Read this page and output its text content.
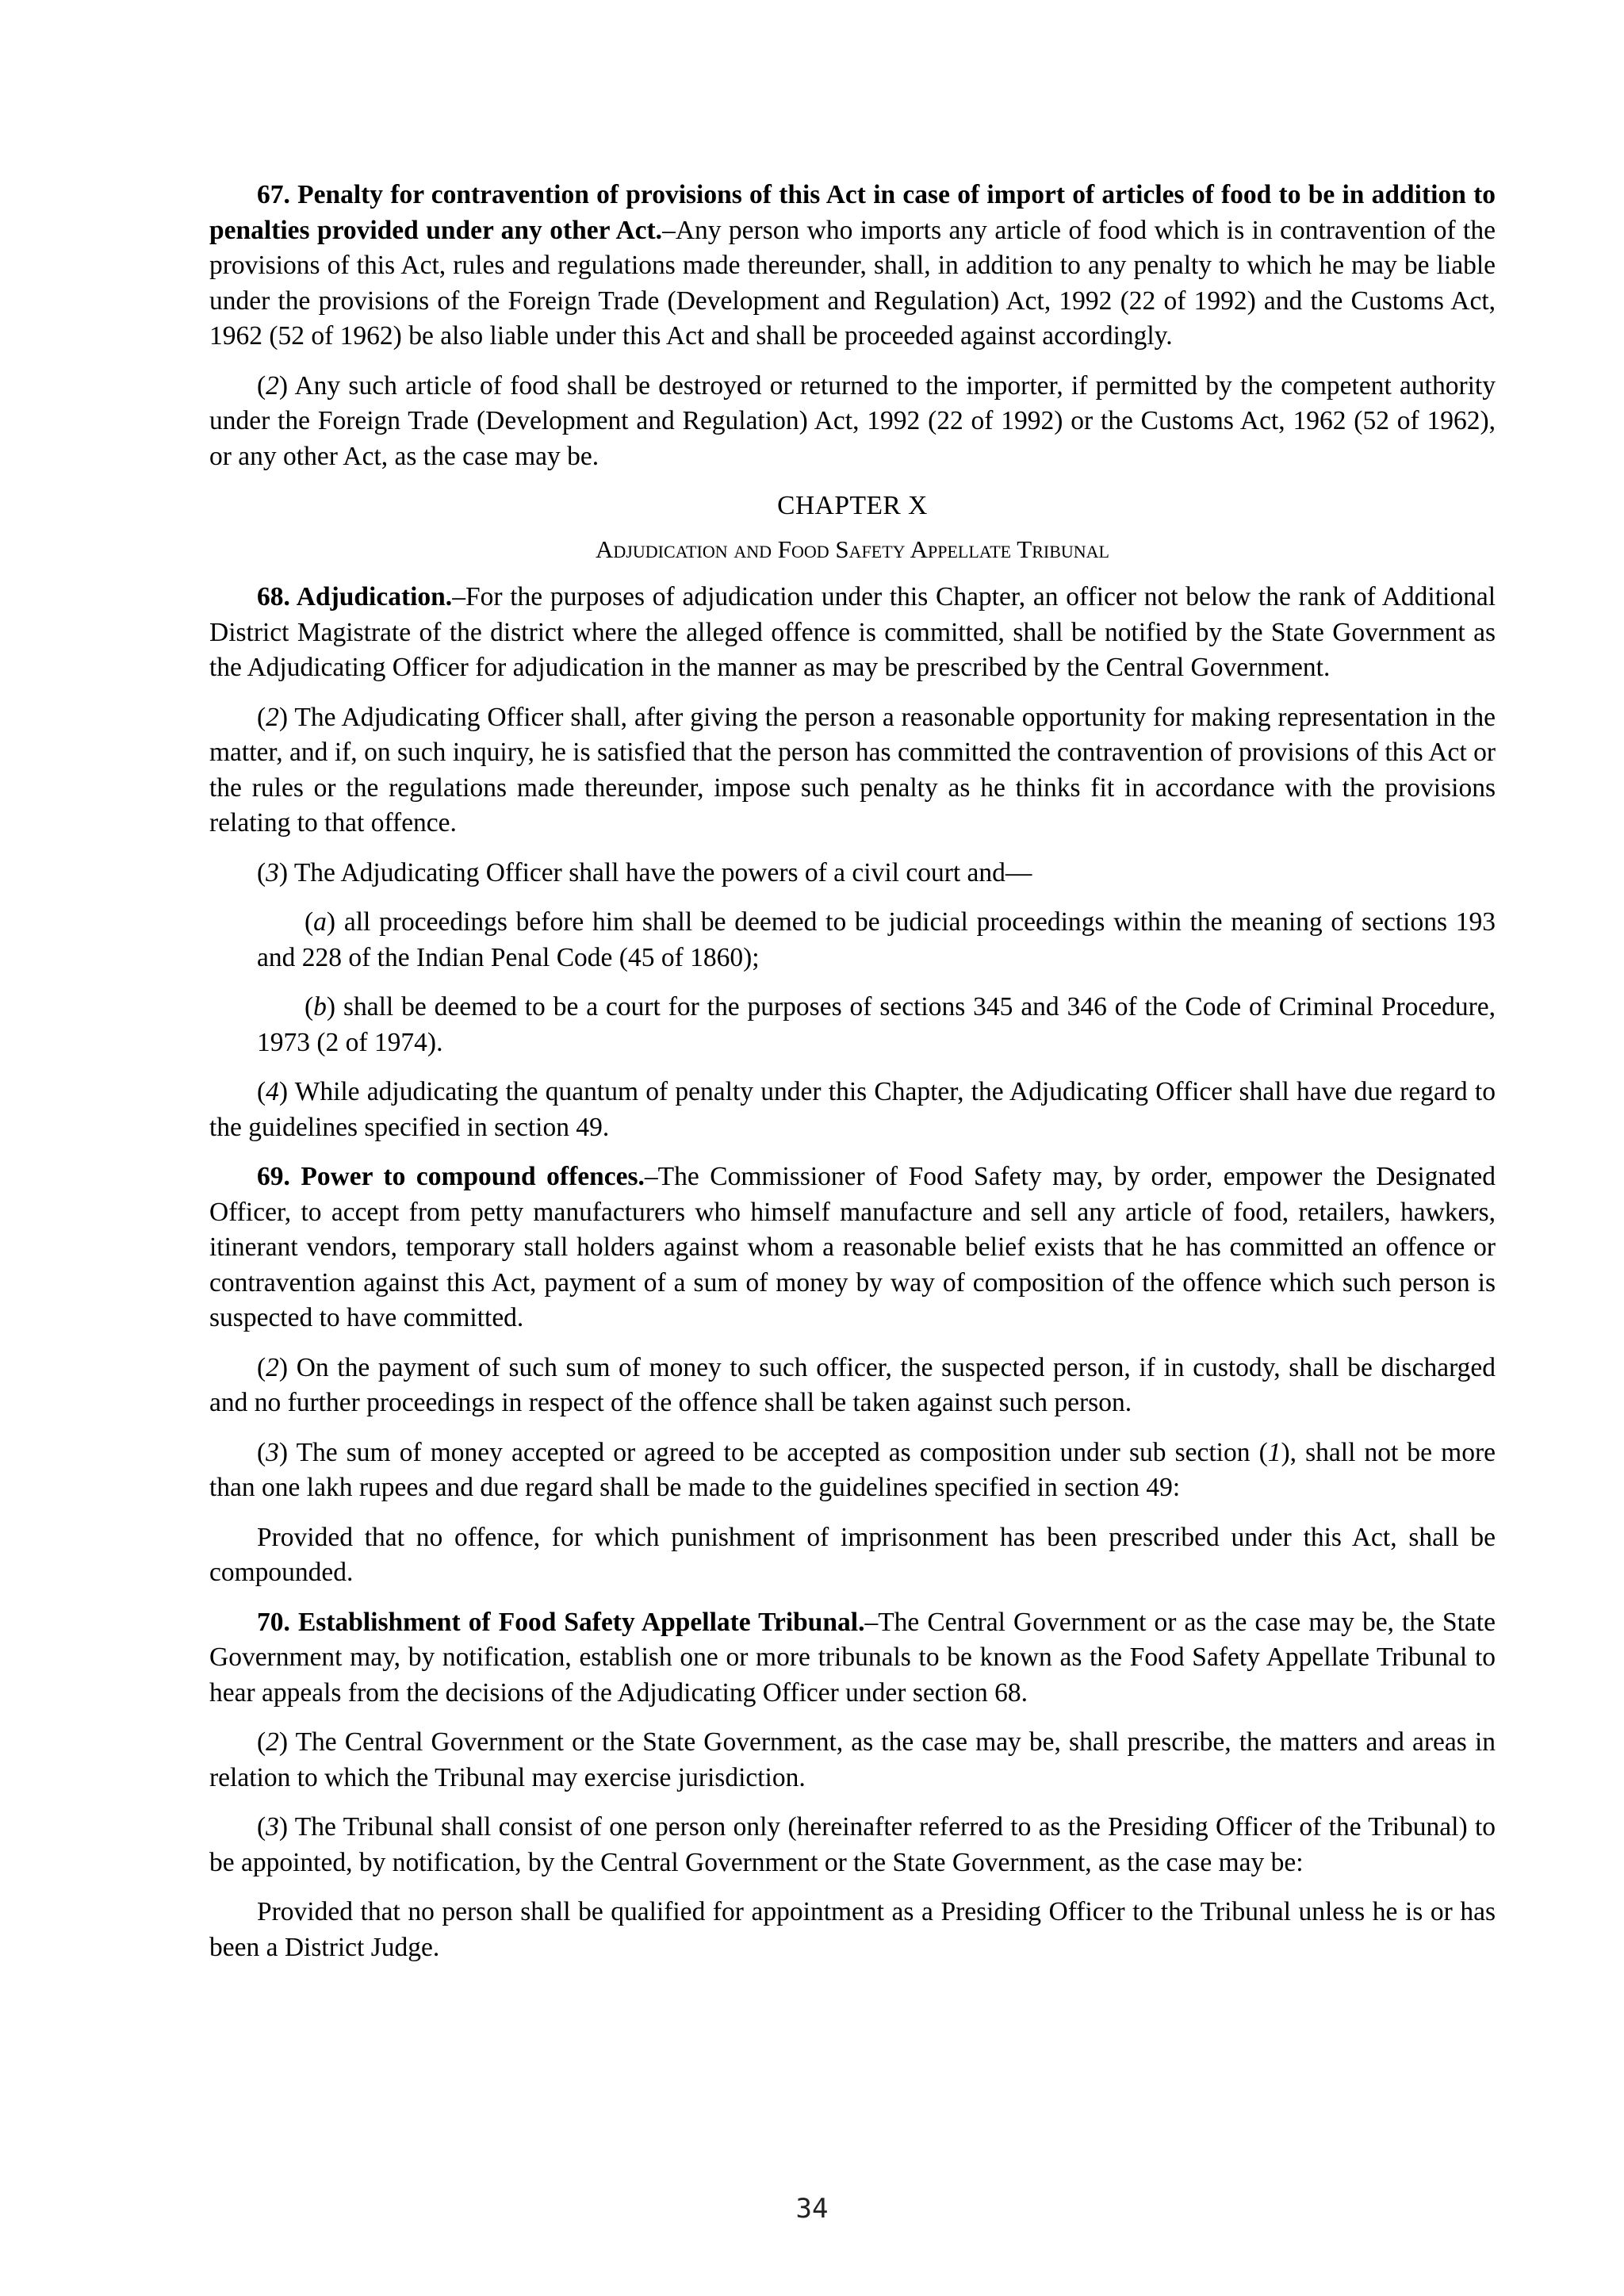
67. Penalty for contravention of provisions of this Act in case of import of articles of food to be in addition to penalties provided under any other Act.–Any person who imports any article of food which is in contravention of the provisions of this Act, rules and regulations made thereunder, shall, in addition to any penalty to which he may be liable under the provisions of the Foreign Trade (Development and Regulation) Act, 1992 (22 of 1992) and the Customs Act, 1962 (52 of 1962) be also liable under this Act and shall be proceeded against accordingly.

(2) Any such article of food shall be destroyed or returned to the importer, if permitted by the competent authority under the Foreign Trade (Development and Regulation) Act, 1992 (22 of 1992) or the Customs Act, 1962 (52 of 1962), or any other Act, as the case may be.

CHAPTER X

Adjudication and Food Safety Appellate Tribunal

68. Adjudication.–For the purposes of adjudication under this Chapter, an officer not below the rank of Additional District Magistrate of the district where the alleged offence is committed, shall be notified by the State Government as the Adjudicating Officer for adjudication in the manner as may be prescribed by the Central Government.

(2) The Adjudicating Officer shall, after giving the person a reasonable opportunity for making representation in the matter, and if, on such inquiry, he is satisfied that the person has committed the contravention of provisions of this Act or the rules or the regulations made thereunder, impose such penalty as he thinks fit in accordance with the provisions relating to that offence.

(3) The Adjudicating Officer shall have the powers of a civil court and—

(a) all proceedings before him shall be deemed to be judicial proceedings within the meaning of sections 193 and 228 of the Indian Penal Code (45 of 1860);

(b) shall be deemed to be a court for the purposes of sections 345 and 346 of the Code of Criminal Procedure, 1973 (2 of 1974).

(4) While adjudicating the quantum of penalty under this Chapter, the Adjudicating Officer shall have due regard to the guidelines specified in section 49.

69. Power to compound offences.–The Commissioner of Food Safety may, by order, empower the Designated Officer, to accept from petty manufacturers who himself manufacture and sell any article of food, retailers, hawkers, itinerant vendors, temporary stall holders against whom a reasonable belief exists that he has committed an offence or contravention against this Act, payment of a sum of money by way of composition of the offence which such person is suspected to have committed.

(2) On the payment of such sum of money to such officer, the suspected person, if in custody, shall be discharged and no further proceedings in respect of the offence shall be taken against such person.

(3) The sum of money accepted or agreed to be accepted as composition under sub section (1), shall not be more than one lakh rupees and due regard shall be made to the guidelines specified in section 49:

Provided that no offence, for which punishment of imprisonment has been prescribed under this Act, shall be compounded.

70. Establishment of Food Safety Appellate Tribunal.–The Central Government or as the case may be, the State Government may, by notification, establish one or more tribunals to be known as the Food Safety Appellate Tribunal to hear appeals from the decisions of the Adjudicating Officer under section 68.

(2) The Central Government or the State Government, as the case may be, shall prescribe, the matters and areas in relation to which the Tribunal may exercise jurisdiction.

(3) The Tribunal shall consist of one person only (hereinafter referred to as the Presiding Officer of the Tribunal) to be appointed, by notification, by the Central Government or the State Government, as the case may be:

Provided that no person shall be qualified for appointment as a Presiding Officer to the Tribunal unless he is or has been a District Judge.

34
